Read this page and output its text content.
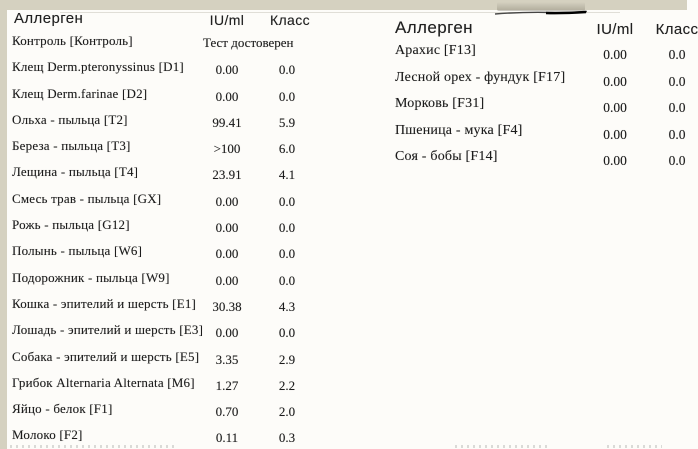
Аллерген	IU/ml	Класс
Контроль [Контроль]	Тест достоверен
Клещ Derm.pteronyssinus [D1]	0.00	0.0
Клещ Derm.farinae [D2]	0.00	0.0
Ольха - пыльца [T2]	99.41	5.9
Береза - пыльца [T3]	>100	6.0
Лещина - пыльца [T4]	23.91	4.1
Смесь трав - пыльца [GX]	0.00	0.0
Рожь - пыльца [G12]	0.00	0.0
Полынь - пыльца [W6]	0.00	0.0
Подорожник - пыльца [W9]	0.00	0.0
Кошка - эпителий и шерсть [E1]	30.38	4.3
Лошадь - эпителий и шерсть [E3] 0.00	0.0
Собака - эпителий и шерсть [E5]	3.35	2.9
Грибок Alternaria Alternata [M6]	1.27	2.2
Яйцо - белок [F1]	0.70	2.0
Молоко [F2]	0.11	0.3
Аллерген	IU/ml	Класс
Арахис [F13]	0.00	0.0
Лесной орех - фундук [F17]	0.00	0.0
Морковь [F31]	0.00	0.0
Пшеница - мука [F4]	0.00	0.0
Соя - бобы [F14]	0.00	0.0
